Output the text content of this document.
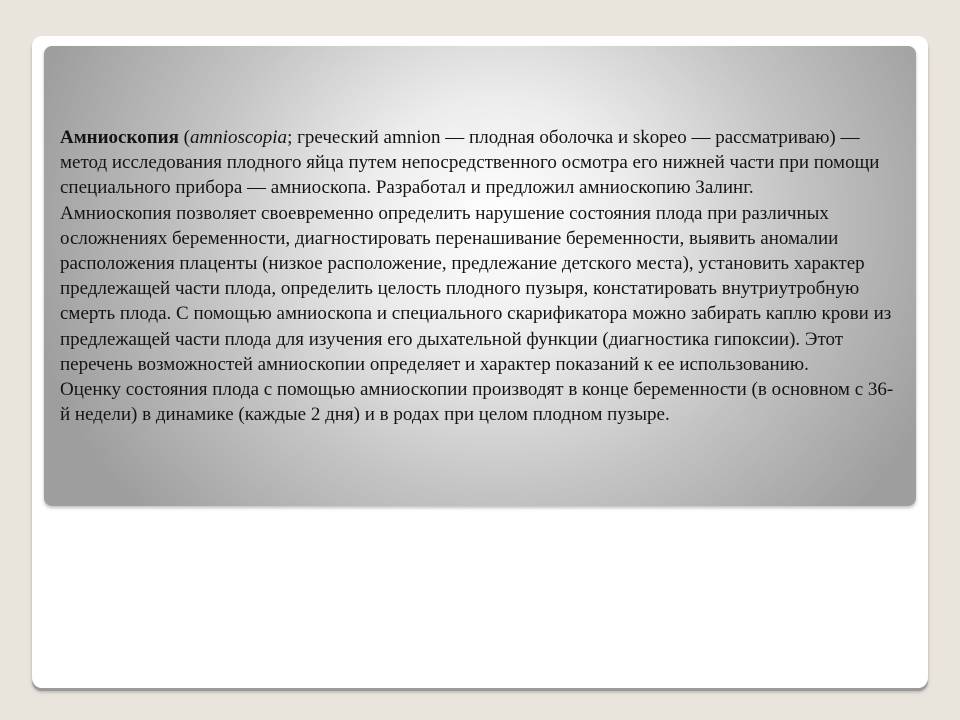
Амниоскопия (amnioscopia; греческий amnion — плодная оболочка и skopeo — рассматриваю) — метод исследования плодного яйца путем непосредственного осмотра его нижней части при помощи специального прибора — амниоскопа. Разработал и предложил амниоскопию Залинг.

Амниоскопия позволяет своевременно определить нарушение состояния плода при различных осложнениях беременности, диагностировать перенашивание беременности, выявить аномалии расположения плаценты (низкое расположение, предлежание детского места), установить характер предлежащей части плода, определить целость плодного пузыря, констатировать внутриутробную смерть плода. С помощью амниоскопа и специального скарификатора можно забирать каплю крови из предлежащей части плода для изучения его дыхательной функции (диагностика гипоксии). Этот перечень возможностей амниоскопии определяет и характер показаний к ее использованию.

Оценку состояния плода с помощью амниоскопии производят в конце беременности (в основном с 36-й недели) в динамике (каждые 2 дня) и в родах при целом плодном пузыре.
